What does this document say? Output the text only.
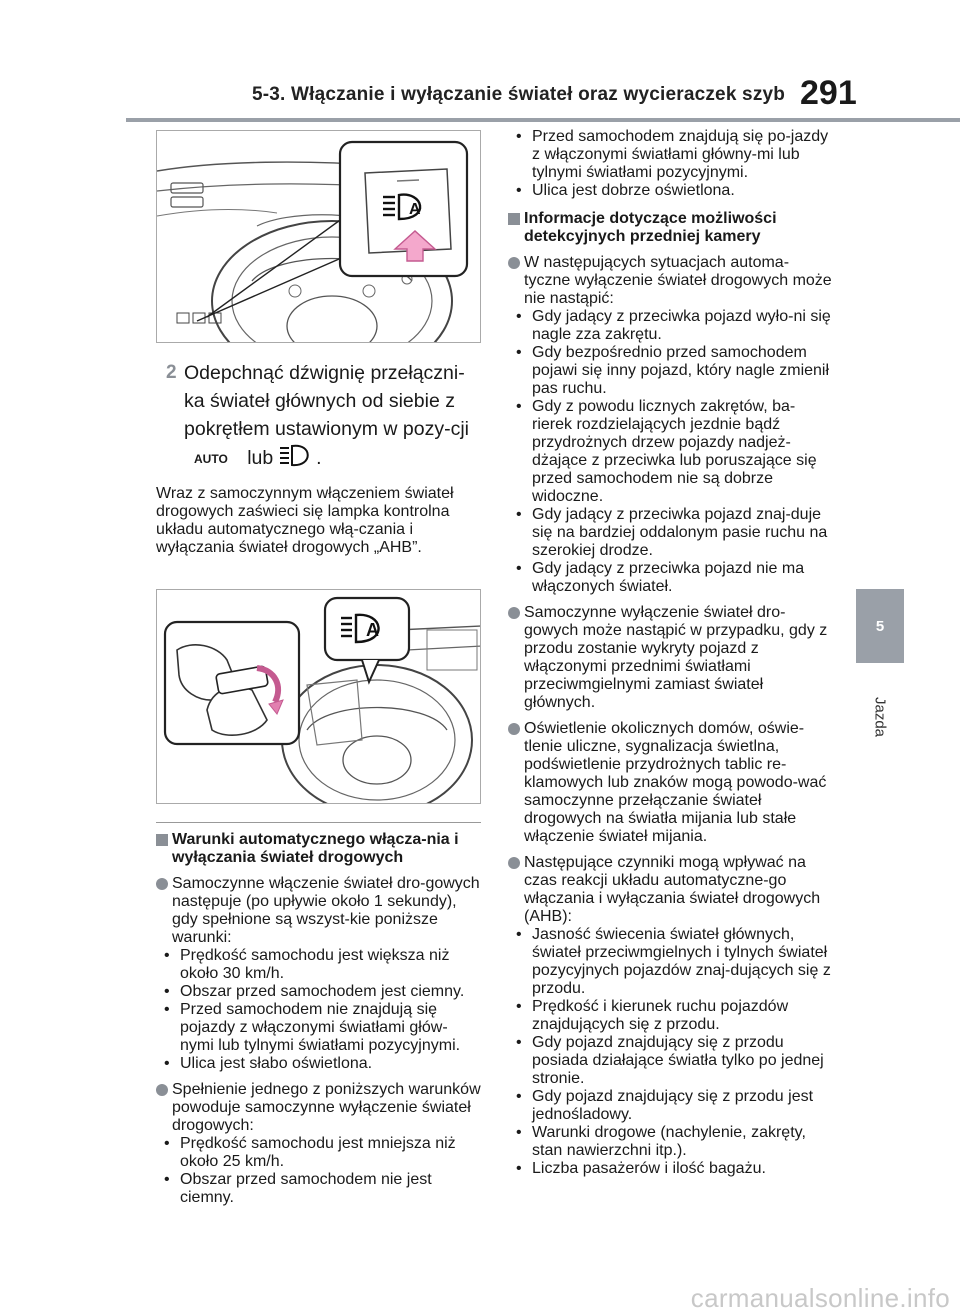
5-3. Włączanie i wyłączanie świateł oraz wycieraczek szyb 291
5
Jazda
A
2 Odepchnąć dźwignię przełączni-ka świateł głównych od siebie z pokrętłem ustawionym w pozy-cji AUTO lub .

Wraz z samoczynnym włączeniem świateł drogowych zaświeci się lampka kontrolna układu automatycznego włą-czania i wyłączania świateł drogowych „AHB”.

A
Warunki automatycznego włącza-nia i wyłączania świateł drogowych
Samoczynne włączenie świateł dro-gowych następuje (po upływie około 1 sekundy), gdy spełnione są wszyst-kie poniższe warunki:
• Prędkość samochodu jest większa niż około 30 km/h.
• Obszar przed samochodem jest ciemny.
• Przed samochodem nie znajdują się pojazdy z włączonymi światłami głów-nymi lub tylnymi światłami pozycyjnymi.
• Ulica jest słabo oświetlona.
Spełnienie jednego z poniższych warunków powoduje samoczynne wyłączenie świateł drogowych:
• Prędkość samochodu jest mniejsza niż około 25 km/h.
• Obszar przed samochodem nie jest ciemny.
• Przed samochodem znajdują się po-jazdy z włączonymi światłami główny-mi lub tylnymi światłami pozycyjnymi.
• Ulica jest dobrze oświetlona.
Informacje dotyczące możliwości detekcyjnych przedniej kamery
W następujących sytuacjach automa-tyczne wyłączenie świateł drogowych może nie nastąpić:
• Gdy jadący z przeciwka pojazd wyło-ni się nagle zza zakrętu.
• Gdy bezpośrednio przed samochodem pojawi się inny pojazd, który nagle zmienił pas ruchu.
• Gdy z powodu licznych zakrętów, ba-rierek rozdzielających jezdnie bądź przydrożnych drzew pojazdy nadjeż-dżające z przeciwka lub poruszające się przed samochodem nie są dobrze widoczne.
• Gdy jadący z przeciwka pojazd znaj-duje się na bardziej oddalonym pasie ruchu na szerokiej drodze.
• Gdy jadący z przeciwka pojazd nie ma włączonych świateł.
Samoczynne wyłączenie świateł dro-gowych może nastąpić w przypadku, gdy z przodu zostanie wykryty pojazd z włączonymi przednimi światłami przeciwmgielnymi zamiast świateł głównych.
Oświetlenie okolicznych domów, oświe-tlenie uliczne, sygnalizacja świetlna, podświetlenie przydrożnych tablic re-klamowych lub znaków mogą powodo-wać samoczynne przełączanie świateł drogowych na światła mijania lub stałe włączenie świateł mijania.
Następujące czynniki mogą wpływać na czas reakcji układu automatyczne-go włączania i wyłączania świateł drogowych (AHB):
• Jasność świecenia świateł głównych, świateł przeciwmgielnych i tylnych świateł pozycyjnych pojazdów znaj-dujących się z przodu.
• Prędkość i kierunek ruchu pojazdów znajdujących się z przodu.
• Gdy pojazd znajdujący się z przodu posiada działające światła tylko po jednej stronie.
• Gdy pojazd znajdujący się z przodu jest jednośladowy.
• Warunki drogowe (nachylenie, zakręty, stan nawierzchni itp.).
• Liczba pasażerów i ilość bagażu.
carmanualsonline.info
